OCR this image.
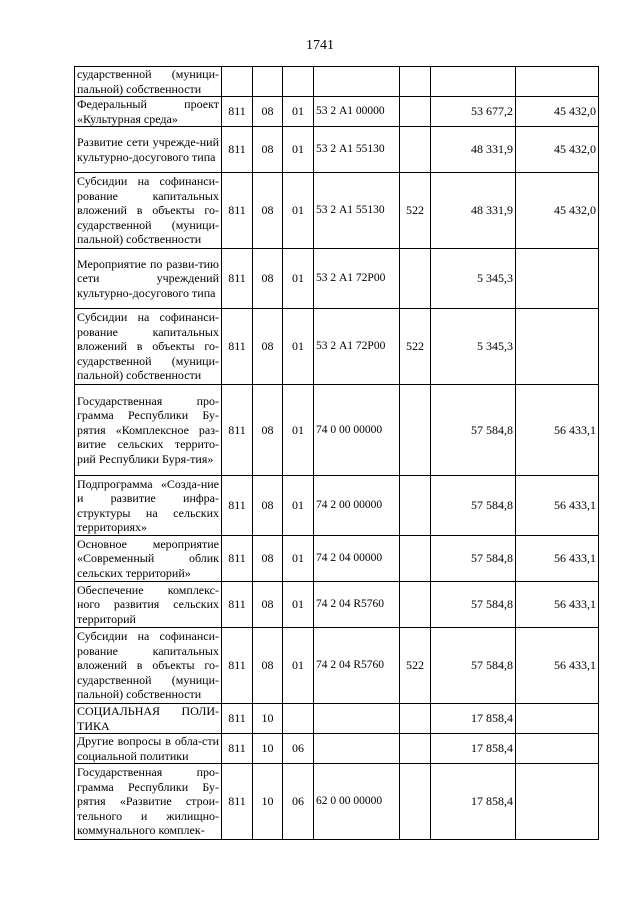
1741
сударственной (муници-пальной) собственности							
Федеральный проект «Культурная среда»	811	08	01	53 2 А1 00000		53 677,2	45 432,0
Развитие сети учрежде-ний культурно-досугового типа	811	08	01	53 2 А1 55130		48 331,9	45 432,0
Субсидии на софинанси-рование капитальных вложений в объекты го-сударственной (муници-пальной) собственности	811	08	01	53 2 А1 55130	522	48 331,9	45 432,0
Мероприятие по разви-тию сети учреждений культурно-досугового типа	811	08	01	53 2 А1 72Р00		5 345,3	
Субсидии на софинанси-рование капитальных вложений в объекты го-сударственной (муници-пальной) собственности	811	08	01	53 2 А1 72Р00	522	5 345,3	
Государственная про-грамма Республики Бу-рятия «Комплексное раз-витие сельских террито-рий Республики Буря-тия»	811	08	01	74 0 00 00000		57 584,8	56 433,1
Подпрограмма «Созда-ние и развитие инфра-структуры на сельских территориях»	811	08	01	74 2 00 00000		57 584,8	56 433,1
Основное мероприятие «Современный облик сельских территорий»	811	08	01	74 2 04 00000		57 584,8	56 433,1
Обеспечение комплекс-ного развития сельских территорий	811	08	01	74 2 04 R5760		57 584,8	56 433,1
Субсидии на софинанси-рование капитальных вложений в объекты го-сударственной (муници-пальной) собственности	811	08	01	74 2 04 R5760	522	57 584,8	56 433,1
СОЦИАЛЬНАЯ ПОЛИ-ТИКА	811	10				17 858,4	
Другие вопросы в обла-сти социальной политики	811	10	06			17 858,4	
Государственная про-грамма Республики Бу-рятия «Развитие строи-тельного и жилищно-коммунального комплек-	811	10	06	62 0 00 00000		17 858,4	
